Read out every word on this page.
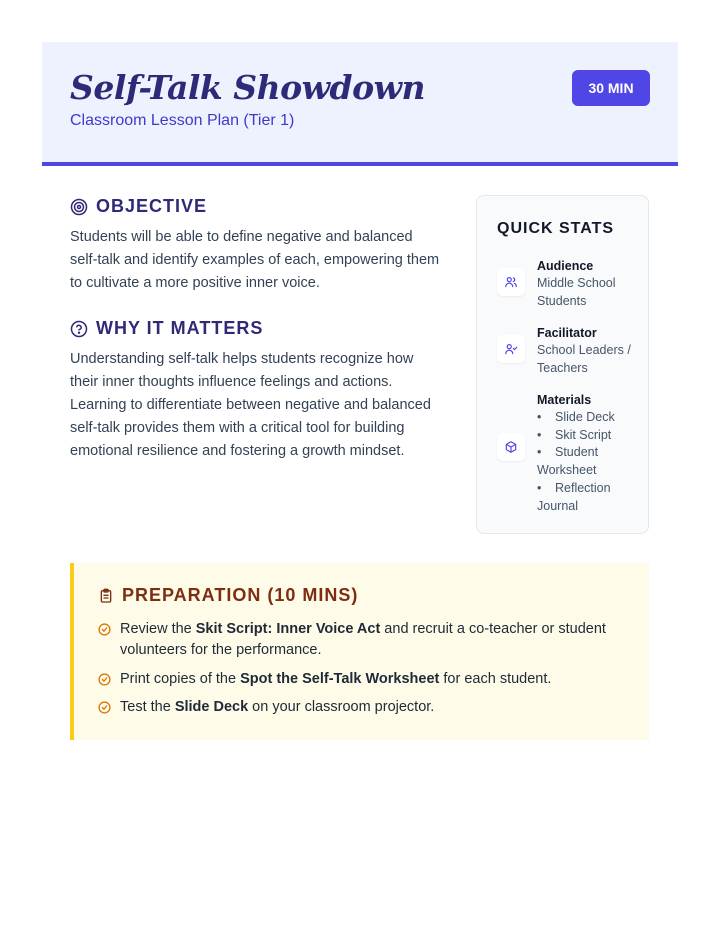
Self-Talk Showdown
Classroom Lesson Plan (Tier 1)
30 MIN
OBJECTIVE
Students will be able to define negative and balanced self-talk and identify examples of each, empowering them to cultivate a more positive inner voice.
WHY IT MATTERS
Understanding self-talk helps students recognize how their inner thoughts influence feelings and actions. Learning to differentiate between negative and balanced self-talk provides them with a critical tool for building emotional resilience and fostering a growth mindset.
QUICK STATS
Audience
Middle School Students
Facilitator
School Leaders / Teachers
Materials
• Slide Deck
• Skit Script
• Student Worksheet
• Reflection Journal
PREPARATION (10 MINS)
Review the Skit Script: Inner Voice Act and recruit a co-teacher or student volunteers for the performance.
Print copies of the Spot the Self-Talk Worksheet for each student.
Test the Slide Deck on your classroom projector.
